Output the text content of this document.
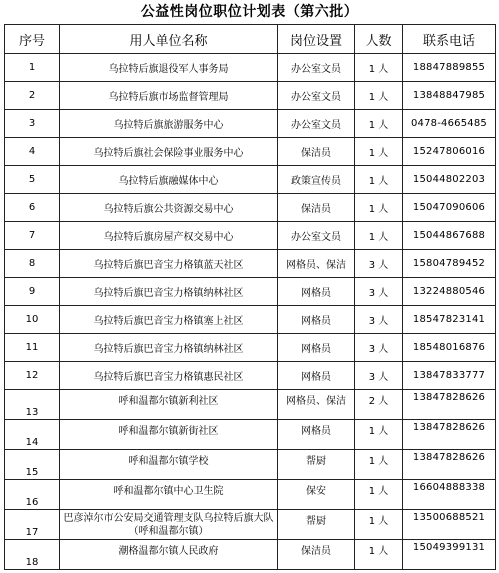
公益性岗位职位计划表（第六批）
序号	用人单位名称	岗位设置	人数	联系电话
1	乌拉特后旗退役军人事务局	办公室文员	1 人	18847889855
2	乌拉特后旗市场监督管理局	办公室文员	1 人	13848847985
3	乌拉特后旗旅游服务中心	办公室文员	1 人	0478-4665485
4	乌拉特后旗社会保险事业服务中心	保洁员	1 人	15247806016
5	乌拉特后旗融媒体中心	政策宣传员	1 人	15044802203
6	乌拉特后旗公共资源交易中心	保洁员	1 人	15047090606
7	乌拉特后旗房屋产权交易中心	办公室文员	1 人	15044867688
8	乌拉特后旗巴音宝力格镇蓝天社区	网格员、保洁	3 人	15804789452
9	乌拉特后旗巴音宝力格镇纳林社区	网格员	3 人	13224880546
10	乌拉特后旗巴音宝力格镇塞上社区	网格员	3 人	18547823141
11	乌拉特后旗巴音宝力格镇纳林社区	网格员	3 人	18548016876
12	乌拉特后旗巴音宝力格镇惠民社区	网格员	3 人	13847833777
13	呼和温都尔镇新利社区	网格员、保洁	2 人	13847828626
14	呼和温都尔镇新街社区	网格员	1 人	13847828626
15	呼和温都尔镇学校	帮厨	1 人	13847828626
16	呼和温都尔镇中心卫生院	保安	1 人	16604888338
17	巴彦淖尔市公安局交通管理支队乌拉特后旗大队（呼和温都尔镇）	帮厨	1 人	13500688521
18	潮格温都尔镇人民政府	保洁员	1 人	15049399131
